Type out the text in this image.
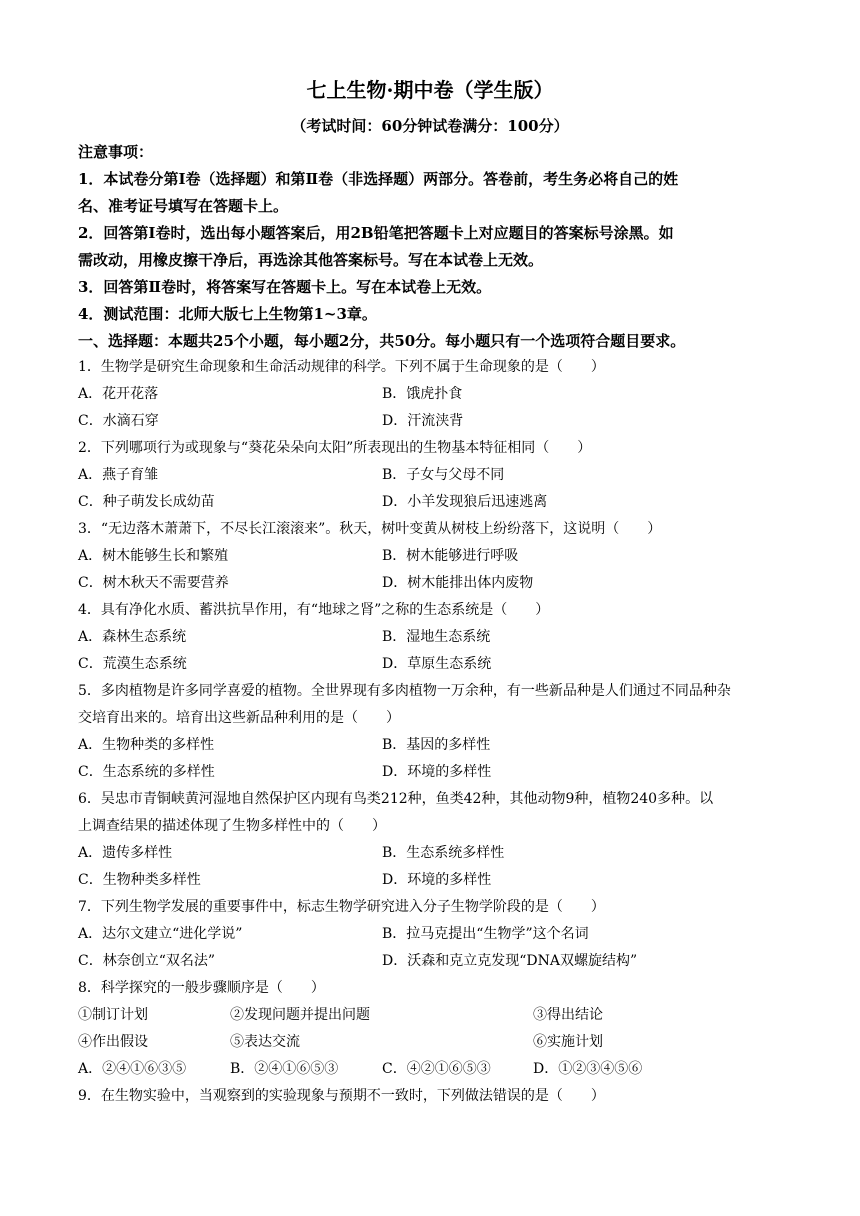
七上生物·期中卷（学生版）
（考试时间：60分钟试卷满分：100分）
注意事项：
1．本试卷分第Ⅰ卷（选择题）和第Ⅱ卷（非选择题）两部分。答卷前，考生务必将自己的姓
名、准考证号填写在答题卡上。
2．回答第Ⅰ卷时，选出每小题答案后，用2B铅笔把答题卡上对应题目的答案标号涂黑。如
需改动，用橡皮擦干净后，再选涂其他答案标号。写在本试卷上无效。
3．回答第Ⅱ卷时，将答案写在答题卡上。写在本试卷上无效。
4．测试范围：北师大版七上生物第1~3章。
一、选择题：本题共25个小题，每小题2分，共50分。每小题只有一个选项符合题目要求。
1．生物学是研究生命现象和生命活动规律的科学。下列不属于生命现象的是（　　）
A．花开花落	B．饿虎扑食
C．水滴石穿	D．汗流浃背
2．下列哪项行为或现象与“葵花朵朵向太阳”所表现出的生物基本特征相同（　　）
A．燕子育雏	B．子女与父母不同
C．种子萌发长成幼苗	D．小羊发现狼后迅速逃离
3．“无边落木萧萧下，不尽长江滚滚来”。秋天，树叶变黄从树枝上纷纷落下，这说明（　　）
A．树木能够生长和繁殖	B．树木能够进行呼吸
C．树木秋天不需要营养	D．树木能排出体内废物
4．具有净化水质、蓄洪抗旱作用，有“地球之肾”之称的生态系统是（　　）
A．森林生态系统	B．湿地生态系统
C．荒漠生态系统	D．草原生态系统
5．多肉植物是许多同学喜爱的植物。全世界现有多肉植物一万余种，有一些新品种是人们通过不同品种杂
交培育出来的。培育出这些新品种利用的是（　　）
A．生物种类的多样性	B．基因的多样性
C．生态系统的多样性	D．环境的多样性
6．吴忠市青铜峡黄河湿地自然保护区内现有鸟类212种，鱼类42种，其他动物9种，植物240多种。以
上调查结果的描述体现了生物多样性中的（　　）
A．遗传多样性	B．生态系统多样性
C．生物种类多样性	D．环境的多样性
7．下列生物学发展的重要事件中，标志生物学研究进入分子生物学阶段的是（　　）
A．达尔文建立“进化学说”	B．拉马克提出“生物学”这个名词
C．林奈创立“双名法”	D．沃森和克立克发现“DNA双螺旋结构”
8．科学探究的一般步骤顺序是（　　）
①制订计划	②发现问题并提出问题	③得出结论
④作出假设	⑤表达交流	⑥实施计划
A．②④①⑥③⑤	B．②④①⑥⑤③	C．④②①⑥⑤③	D．①②③④⑤⑥
9．在生物实验中，当观察到的实验现象与预期不一致时，下列做法错误的是（　　）
